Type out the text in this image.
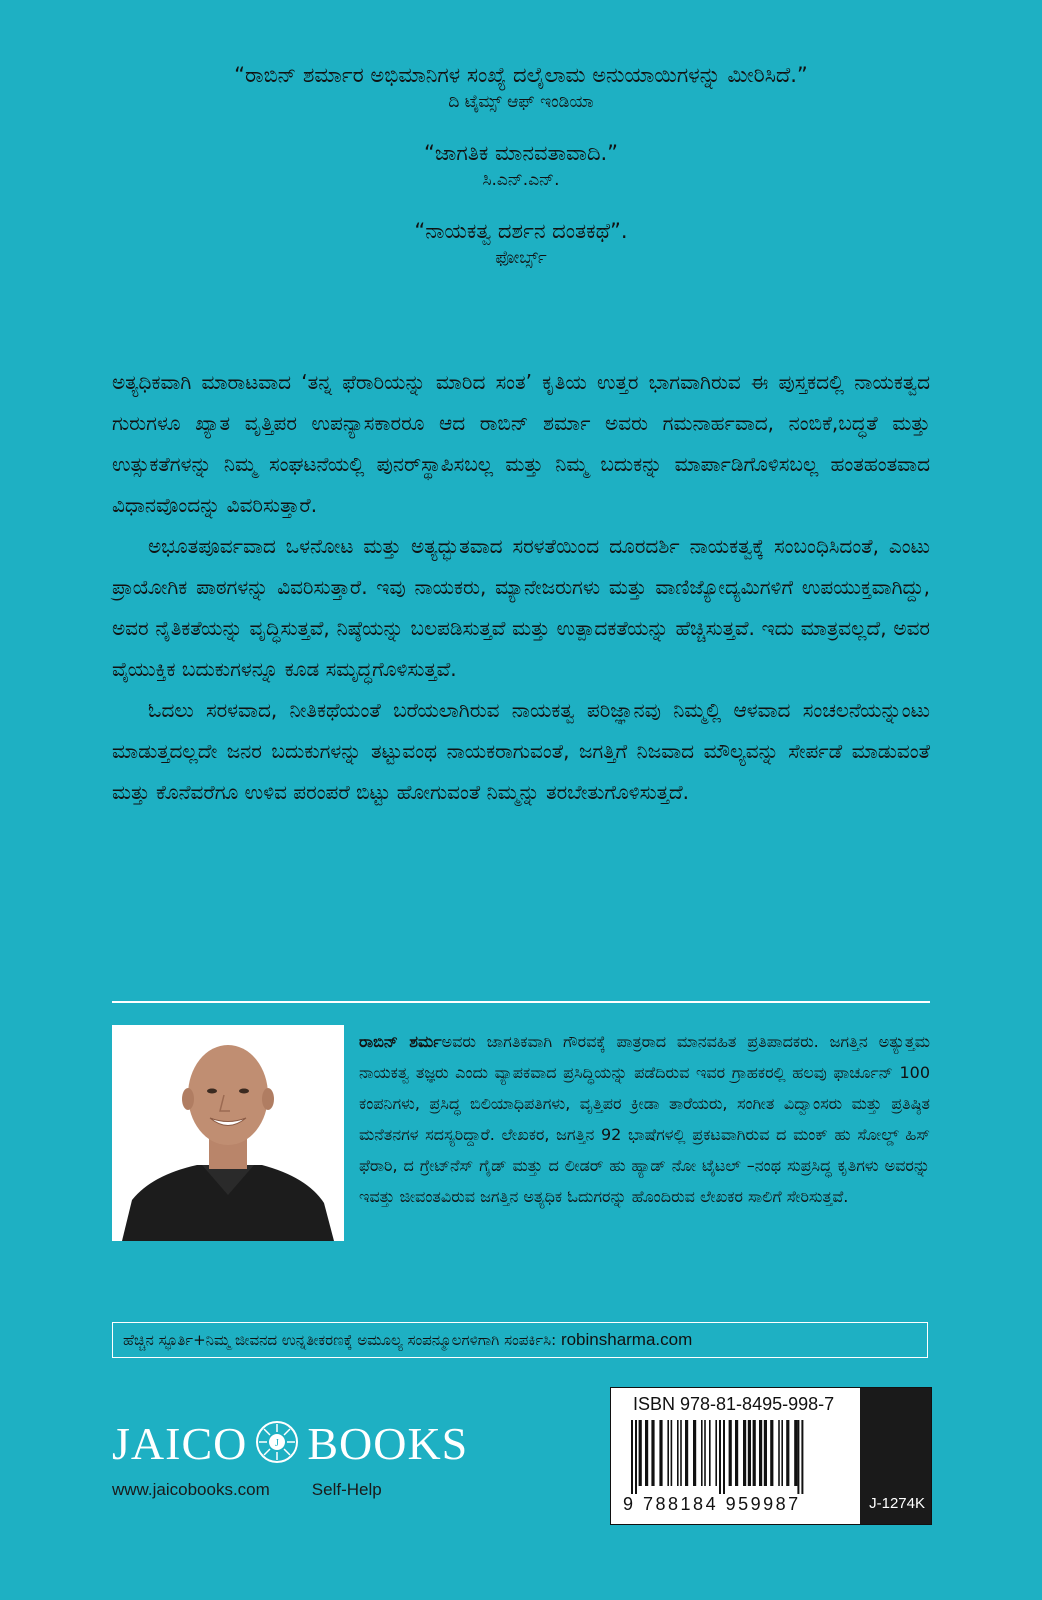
“ರಾಬಿನ್ ಶರ್ಮಾರ ಅಭಿಮಾನಿಗಳ ಸಂಖ್ಯೆ ದಲೈಲಾಮ ಅನುಯಾಯಿಗಳನ್ನು ಮೀರಿಸಿದೆ.”
ದಿ ಟೈಮ್ಸ್ ಆಫ್ ಇಂಡಿಯಾ
“ಜಾಗತಿಕ ಮಾನವತಾವಾದಿ.”
ಸಿ.ಎನ್.ಎನ್.
“ನಾಯಕತ್ವ ದರ್ಶನ ದಂತಕಥೆ”.
ಫೋರ್ಬ್ಸ್

ಅತ್ಯಧಿಕವಾಗಿ ಮಾರಾಟವಾದ ‘ತನ್ನ ಫೆರಾರಿಯನ್ನು ಮಾರಿದ ಸಂತ’ ಕೃತಿಯ ಉತ್ತರ ಭಾಗವಾಗಿರುವ ಈ ಪುಸ್ತಕದಲ್ಲಿ ನಾಯಕತ್ವದ ಗುರುಗಳೂ ಖ್ಯಾತ ವೃತ್ತಿಪರ ಉಪನ್ಯಾಸಕಾರರೂ ಆದ ರಾಬಿನ್ ಶರ್ಮಾ ಅವರು ಗಮನಾರ್ಹವಾದ, ನಂಬಿಕೆ,ಬದ್ಧತೆ ಮತ್ತು ಉತ್ಸುಕತೆಗಳನ್ನು ನಿಮ್ಮ ಸಂಘಟನೆಯಲ್ಲಿ ಪುನರ್‌ಸ್ಥಾಪಿಸಬಲ್ಲ ಮತ್ತು ನಿಮ್ಮ ಬದುಕನ್ನು ಮಾರ್ಪಾಡಿಗೊಳಿಸಬಲ್ಲ ಹಂತಹಂತವಾದ ವಿಧಾನವೊಂದನ್ನು ವಿವರಿಸುತ್ತಾರೆ.

ಅಭೂತಪೂರ್ವವಾದ ಒಳನೋಟ ಮತ್ತು ಅತ್ಯದ್ಭುತವಾದ ಸರಳತೆಯಿಂದ ದೂರದರ್ಶಿ ನಾಯಕತ್ವಕ್ಕೆ ಸಂಬಂಧಿಸಿದಂತೆ, ಎಂಟು ಪ್ರಾಯೋಗಿಕ ಪಾಠಗಳನ್ನು ವಿವರಿಸುತ್ತಾರೆ. ಇವು ನಾಯಕರು, ಮ್ಯಾನೇಜರುಗಳು ಮತ್ತು ವಾಣಿಜ್ಯೋದ್ಯಮಿಗಳಿಗೆ ಉಪಯುಕ್ತವಾಗಿದ್ದು, ಅವರ ನೈತಿಕತೆಯನ್ನು ವೃದ್ಧಿಸುತ್ತವೆ, ನಿಷ್ಠೆಯನ್ನು ಬಲಪಡಿಸುತ್ತವೆ ಮತ್ತು ಉತ್ಪಾದಕತೆಯನ್ನು ಹೆಚ್ಚಿಸುತ್ತವೆ. ಇದು ಮಾತ್ರವಲ್ಲದೆ, ಅವರ ವೈಯುಕ್ತಿಕ ಬದುಕುಗಳನ್ನೂ ಕೂಡ ಸಮೃದ್ಧಗೊಳಿಸುತ್ತವೆ.

ಓದಲು ಸರಳವಾದ, ನೀತಿಕಥೆಯಂತೆ ಬರೆಯಲಾಗಿರುವ ನಾಯಕತ್ವ ಪರಿಜ್ಞಾನವು ನಿಮ್ಮಲ್ಲಿ ಆಳವಾದ ಸಂಚಲನೆಯನ್ನುಂಟು ಮಾಡುತ್ತದಲ್ಲದೇ ಜನರ ಬದುಕುಗಳನ್ನು ತಟ್ಟುವಂಥ ನಾಯಕರಾಗುವಂತೆ, ಜಗತ್ತಿಗೆ ನಿಜವಾದ ಮೌಲ್ಯವನ್ನು ಸೇರ್ಪಡೆ ಮಾಡುವಂತೆ ಮತ್ತು ಕೊನೆವರೆಗೂ ಉಳಿವ ಪರಂಪರೆ ಬಿಟ್ಟು ಹೋಗುವಂತೆ ನಿಮ್ಮನ್ನು ತರಬೇತುಗೊಳಿಸುತ್ತದೆ.

ರಾಬಿನ್ ಶರ್ಮಅವರು ಜಾಗತಿಕವಾಗಿ ಗೌರವಕ್ಕೆ ಪಾತ್ರರಾದ ಮಾನವಹಿತ ಪ್ರತಿಪಾದಕರು. ಜಗತ್ತಿನ ಅತ್ಯುತ್ತಮ ನಾಯಕತ್ವ ತಜ್ಞರು ಎಂದು ವ್ಯಾಪಕವಾದ ಪ್ರಸಿದ್ಧಿಯನ್ನು ಪಡೆದಿರುವ ಇವರ ಗ್ರಾಹಕರಲ್ಲಿ ಹಲವು ಫಾರ್ಚೂನ್ 100 ಕಂಪನಿಗಳು, ಪ್ರಸಿದ್ಧ ಬಿಲಿಯಾಧಿಪತಿಗಳು, ವೃತ್ತಿಪರ ಕ್ರೀಡಾ ತಾರೆಯರು, ಸಂಗೀತ ವಿದ್ವಾಂಸರು ಮತ್ತು ಪ್ರತಿಷ್ಠಿತ ಮನೆತನಗಳ ಸದಸ್ಯರಿದ್ದಾರೆ. ಲೇಖಕರ, ಜಗತ್ತಿನ 92 ಭಾಷೆಗಳಲ್ಲಿ ಪ್ರಕಟವಾಗಿರುವ ದ ಮಂಕ್ ಹು ಸೋಲ್ಡ್ ಹಿಸ್ ಫೆರಾರಿ, ದ ಗ್ರೇಟ್‌ನೆಸ್ ಗೈಡ್ ಮತ್ತು ದ ಲೀಡರ್ ಹು ಹ್ಯಾಡ್ ನೋ ಟೈಟಲ್ –ನಂಥ ಸುಪ್ರಸಿದ್ಧ ಕೃತಿಗಳು ಅವರನ್ನು ಇವತ್ತು ಜೀವಂತವಿರುವ ಜಗತ್ತಿನ ಅತ್ಯಧಿಕ ಓದುಗರನ್ನು ಹೊಂದಿರುವ ಲೇಖಕರ ಸಾಲಿಗೆ ಸೇರಿಸುತ್ತವೆ.
ಹೆಚ್ಚಿನ ಸ್ಫೂರ್ತಿ+ನಿಮ್ಮ ಜೀವನದ ಉನ್ನತೀಕರಣಕ್ಕೆ ಅಮೂಲ್ಯ ಸಂಪನ್ಮೂಲಗಳಿಗಾಗಿ ಸಂಪರ್ಕಿಸಿ: robinsharma.com
JAICO	J BOOKS
www.jaicobooks.com Self-Help
ISBN 978-81-8495-998-7
9 788184 959987	J-1274K
